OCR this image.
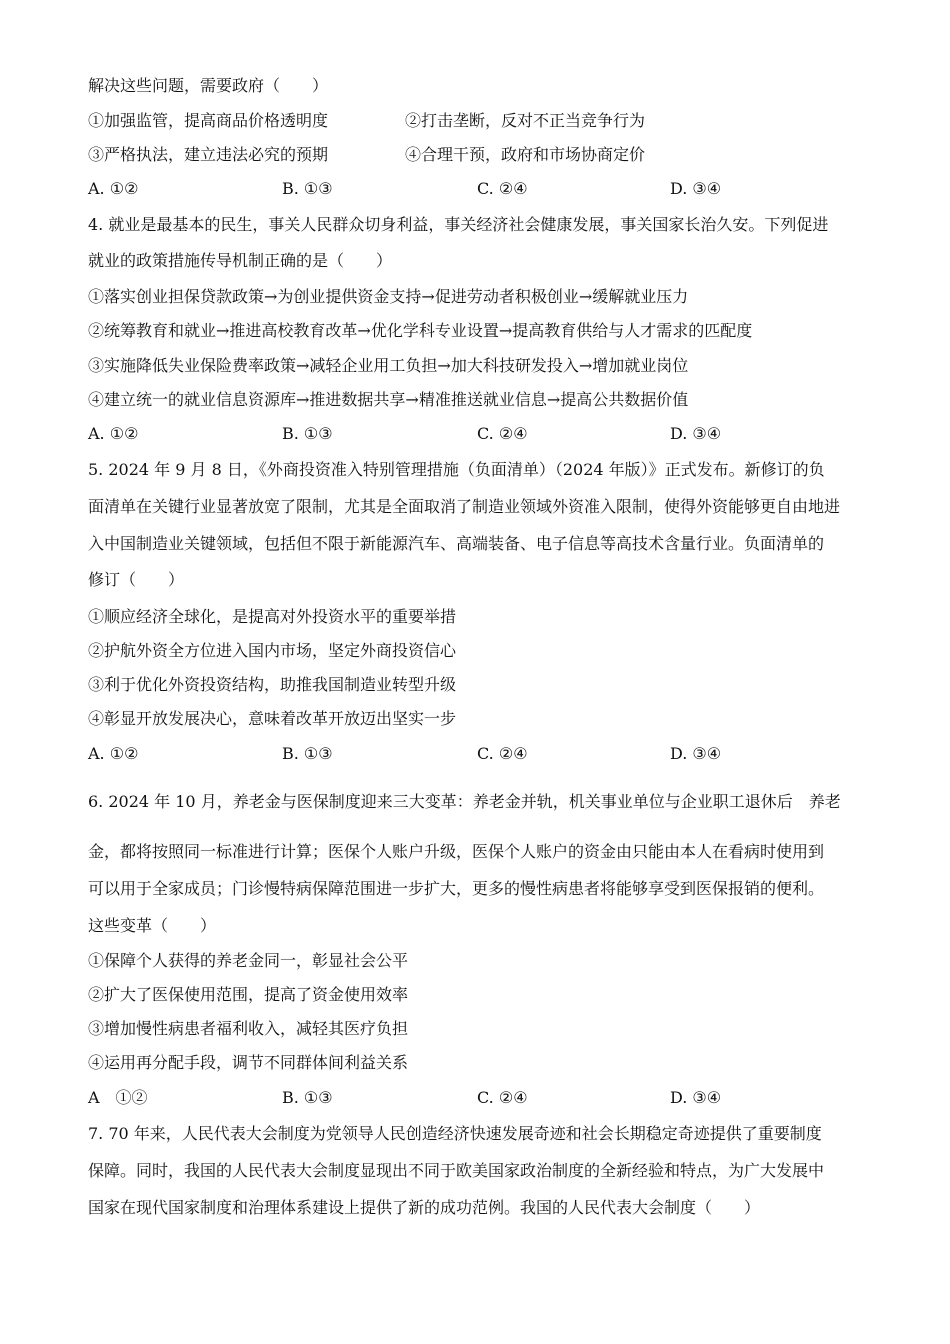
解决这些问题，需要政府（　　）
①加强监管，提高商品价格透明度	②打击垄断，反对不正当竞争行为
③严格执法，建立违法必究的预期	④合理干预，政府和市场协商定价
A. ①②	B. ①③	C. ②④	D. ③④
4. 就业是最基本的民生，事关人民群众切身利益，事关经济社会健康发展，事关国家长治久安。下列促进
就业的政策措施传导机制正确的是（　　）
①落实创业担保贷款政策→为创业提供资金支持→促进劳动者积极创业→缓解就业压力
②统筹教育和就业→推进高校教育改革→优化学科专业设置→提高教育供给与人才需求的匹配度
③实施降低失业保险费率政策→减轻企业用工负担→加大科技研发投入→增加就业岗位
④建立统一的就业信息资源库→推进数据共享→精准推送就业信息→提高公共数据价值
A. ①②	B. ①③	C. ②④	D. ③④
5. 2024 年 9 月 8 日，《外商投资准入特别管理措施（负面清单）（2024 年版）》正式发布。新修订的负
面清单在关键行业显著放宽了限制，尤其是全面取消了制造业领域外资准入限制，使得外资能够更自由地进
入中国制造业关键领域，包括但不限于新能源汽车、高端装备、电子信息等高技术含量行业。负面清单的
修订（　　）
①顺应经济全球化，是提高对外投资水平的重要举措
②护航外资全方位进入国内市场，坚定外商投资信心
③利于优化外资投资结构，助推我国制造业转型升级
④彰显开放发展决心，意味着改革开放迈出坚实一步
A. ①②	B. ①③	C. ②④	D. ③④
6. 2024 年 10 月，养老金与医保制度迎来三大变革：养老金并轨，机关事业单位与企业职工退休后　养老
金，都将按照同一标准进行计算；医保个人账户升级，医保个人账户的资金由只能由本人在看病时使用到
可以用于全家成员；门诊慢特病保障范围进一步扩大，更多的慢性病患者将能够享受到医保报销的便利。
这些变革（　　）
①保障个人获得的养老金同一，彰显社会公平
②扩大了医保使用范围，提高了资金使用效率
③增加慢性病患者福利收入，减轻其医疗负担
④运用再分配手段，调节不同群体间利益关系
A　①②	B. ①③	C. ②④	D. ③④
7. 70 年来，人民代表大会制度为党领导人民创造经济快速发展奇迹和社会长期稳定奇迹提供了重要制度
保障。同时，我国的人民代表大会制度显现出不同于欧美国家政治制度的全新经验和特点，为广大发展中
国家在现代国家制度和治理体系建设上提供了新的成功范例。我国的人民代表大会制度（　　）
